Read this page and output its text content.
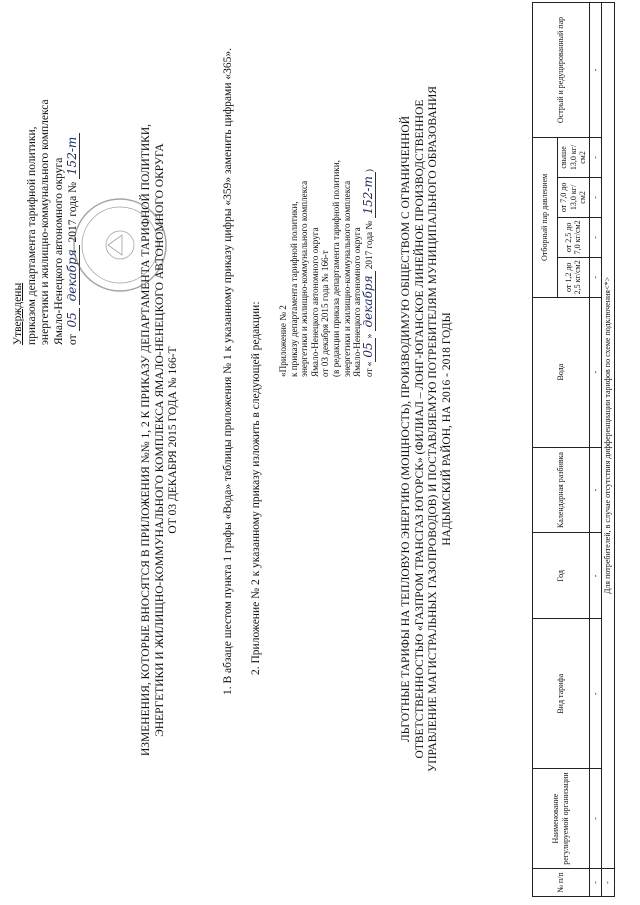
Утверждены приказом департамента тарифной политики, энергетики и жилищно-коммунального комплекса Ямало-Ненецкого автономного округа от 05 декабря 2017 года № 152-т	ИЗМЕНЕНИЯ, КОТОРЫЕ ВНОСЯТСЯ В ПРИЛОЖЕНИЯ №№ 1, 2 К ПРИКАЗУ ДЕПАРТАМЕНТА ТАРИФНОЙ ПОЛИТИКИ, ЭНЕРГЕТИКИ И ЖИЛИЩНО-КОММУНАЛЬНОГО КОМПЛЕКСА ЯМАЛО-НЕНЕЦКОГО АВТОНОМНОГО ОКРУГА ОТ 03 ДЕКАБРЯ 2015 ГОДА № 166-Т	1. В абзаце шестом пункта 1 графы «Вода» таблицы приложения № 1 к указанному приказу цифры «359» заменить цифрами «365». 2. Приложение № 2 к указанному приказу изложить в следующей редакции: «Приложение № 2 к приказу департамента тарифной политики, энергетики и жилищно-коммунального комплекса Ямало-Ненецкого автономного округа от 03 декабря 2015 года № 166-т (в редакции приказа департамента тарифной политики, энергетики и жилищно-коммунального комплекса Ямало-Ненецкого автономного округа от «05» декабря 2017 года № 152-т) ЛЬГОТНЫЕ ТАРИФЫ НА ТЕПЛОВУЮ ЭНЕРГИЮ (МОЩНОСТЬ), ПРОИЗВОДИМУЮ ОБЩЕСТВОМ С ОГРАНИЧЕННОЙ ОТВЕТСТВЕННОСТЬЮ «ГАЗПРОМ ТРАНСГАЗ ЮГОРСК» (ФИЛИАЛ – ЛОНГ-ЮГАНСКОЕ ЛИНЕЙНОЕ ПРОИЗВОДСТВЕННОЕ УПРАВЛЕНИЕ МАГИСТРАЛЬНЫХ ГАЗОПРОВОДОВ) И ПОСТАВЛЯЕМУЮ ПОТРЕБИТЕЛЯМ МУНИЦИПАЛЬНОГО ОБРАЗОВАНИЯ НАДЫМСКИЙ РАЙОН, НА 2016 - 2018 ГОДЫ
№ п/п	Наименование регулируемой организации	Вид тарифа	Год	Календарная разбивка	Вода	Отборный пар давлением				Острый и редуцированный пар
						от 1,2 до 2,5 кг/см2	от 2,5 до 7,0 кг/см2	от 7,0 до 13,0 кг/см2	свыше 13,0 кг/см2	
-	-	-	-	-	-	-	-	-	-	-
-	Для потребителей, в случае отсутствия дифференциации тарифов по схеме подключения<*>									
